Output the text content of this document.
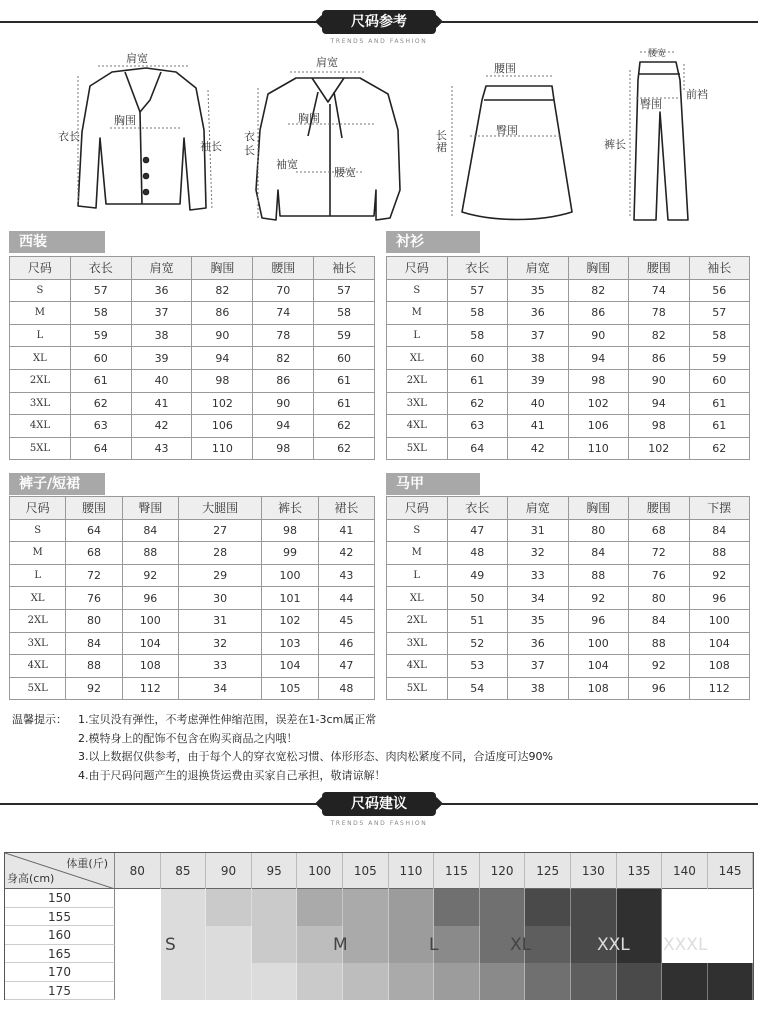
尺码参考
TRENDS AND FASHION
肩宽
胸围
衣长
袖长
肩宽
胸围
衣
长
袖宽
腰宽
腰围
臀围
长裙
腰宽
臀围
前裆
裤长
西装
尺码	衣长	肩宽	胸围	腰围	袖长
S	57	36	82	70	57
M	58	37	86	74	58
L	59	38	90	78	59
XL	60	39	94	82	60
2XL	61	40	98	86	61
3XL	62	41	102	90	61
4XL	63	42	106	94	62
5XL	64	43	110	98	62
衬衫
尺码	衣长	肩宽	胸围	腰围	袖长
S	57	35	82	74	56
M	58	36	86	78	57
L	58	37	90	82	58
XL	60	38	94	86	59
2XL	61	39	98	90	60
3XL	62	40	102	94	61
4XL	63	41	106	98	61
5XL	64	42	110	102	62
裤子/短裙
尺码	腰围	臀围	大腿围	裤长	裙长
S	64	84	27	98	41
M	68	88	28	99	42
L	72	92	29	100	43
XL	76	96	30	101	44
2XL	80	100	31	102	45
3XL	84	104	32	103	46
4XL	88	108	33	104	47
5XL	92	112	34	105	48
马甲
尺码	衣长	肩宽	胸围	腰围	下摆
S	47	31	80	68	84
M	48	32	84	72	88
L	49	33	88	76	92
XL	50	34	92	80	96
2XL	51	35	96	84	100
3XL	52	36	100	88	104
4XL	53	37	104	92	108
5XL	54	38	108	96	112
温馨提示： 1.宝贝没有弹性，不考虑弹性伸缩范围，误差在1-3cm属正常
2.模特身上的配饰不包含在购买商品之内哦！
3.以上数据仅供参考，由于每个人的穿衣宽松习惯、体形形态、肉肉松紧度不同，合适度可达90%
4.由于尺码问题产生的退换货运费由买家自己承担，敬请谅解！
尺码建议
TRENDS AND FASHION
体重(斤)
身高(cm)
80	85	90	95	100	105	110	115	120	125	130	135	140	145
150
155
160
165
170
175
S	M	L	XL	XXL XXXL
